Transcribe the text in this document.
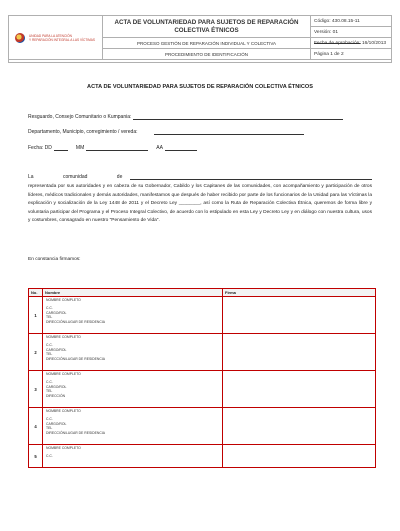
UNIDAD PARA LA ATENCIÓN
Y REPARACIÓN INTEGRAL A LAS VÍCTIMAS
ACTA DE VOLUNTARIEDAD PARA SUJETOS DE REPARACIÓN COLECTIVA ÉTNICOS
Código: 430.08.15-11
Versión: 01
PROCESO GESTIÓN DE REPARACIÓN INDIVIDUAL Y COLECTIVA	Fecha de Aprobación:
16/10/2013
PROCEDIMIENTO DE IDENTIFICACIÓN	Página 1 de 2
ACTA DE VOLUNTARIEDAD PARA SUJETOS DE REPARACIÓN COLECTIVA ÉTNICOS
Resguardo, Consejo Comunitario o Kumpania:
Departamento, Municipio, corregimiento / vereda:
Fecha: DD	MM	AA
La comunidad de
representada por sus autoridades y en cabeza de su Gobernador, Cabildo y los Capitanes de las comunidades, con acompañamiento y participación de otros líderes, médicos tradicionales y demás autoridades, manifestamos que después de haber recibido por parte de los funcionarios de la Unidad para las Víctimas la explicación y socialización de la Ley 1448 de 2011 y el Decreto Ley ________, así como la Ruta de Reparación Colectiva Étnica, queremos de forma libre y voluntaria participar del Programa y el Proceso Integral Colectivo, de acuerdo con lo estipulado en esta Ley y Decreto Ley y en diálogo con nuestra cultura, usos y costumbres, consagrado en nuestro "Pensamiento de Vida".
En constancia firmamos:
No.	Nombre	Firma
1
NOMBRE COMPLETO
C.C.
CARGO/ROL
TEL
DIRECCIÓN/LUGAR DE RESIDENCIA
2
NOMBRE COMPLETO
C.C.
CARGO/ROL
TEL
DIRECCIÓN/LUGAR DE RESIDENCIA
3
NOMBRE COMPLETO
C.C.
CARGO/ROL
TEL
DIRECCIÓN
4
NOMBRE COMPLETO
C.C.
CARGO/ROL
TEL
DIRECCIÓN/LUGAR DE RESIDENCIA
5
NOMBRE COMPLETO
C.C.
